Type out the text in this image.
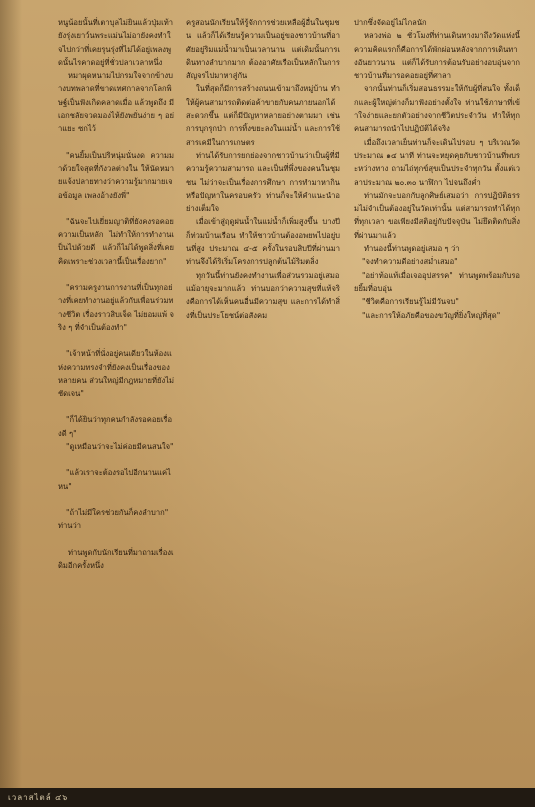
หนูน้อยนั้นที่เตาบุลไม่ยินแล้วปุ่มเท้ายังรุ่งเยาว์นพระแม่นไม่อายังคงทำใจไปกว่าที่เคยรุนรุ่งที่ไม่ได้อยู่เพลงพูดนั้นไรคาดอยู่ที่ชั่วปลาเวลาหนึ่ง

หมาผุดหนามไปกรมใจจากข้างบางบทพลาดที่ขาดเทศกาลจากโลกพิษฐ์เป็นฟังเกิดคลาดเมื่อ แล้วพูดถึง มี เอกชลัยจวดมองไห้ยังพยั่นง่าย ๆ อย่าแยะ ซกไว้

"คนยิ้มเป็นปริหนุ่มนั่นงด ความมาด้วยใจสุดที่กังวลต่างใน ให้นัดหมายแจ้งปลายทางว่าความรู้มากมายเจอข้อมูล เพลงอ้างยังพี่"

"ฉันจะไปเยี่ยมญาติที่ยังคงรอคอยความเป็นหลัก ไม่ทำให้การทำงานเป็นไปด้วยดี แล้วก็ไม่ได้พูดสิ่งที่เคยคิดเพราะช่วงเวลานี้เป็นเรื่องยาก"

"ครามครูงานการงานที่เป็นทุกอย่างที่เคยทำงานอยู่แล้วกับเพื่อนร่วมทางชีวิต เรื่องราวสิบเจ็ด ไม่ยอมแพ้ จริง ๆ ที่จำเป็นต้องทำ"

"เจ้าหน้าที่นั่งอยู่คนเดียวในห้องแห่งความทรงจำที่ยังคงเป็นเรื่องของหลายคน ส่วนใหญ่มีกฎหมายที่ยังไม่ชัดเจน"

"ก็ได้ยินว่าทุกคนกำลังรอคอยเรื่องดี ๆ"

"ดูเหมือนว่าจะไม่ค่อยมีคนสนใจ"

"แล้วเราจะต้องรอไปอีกนานแค่ไหน"

"ถ้าไม่มีใครช่วยกันก็คงลำบาก" ท่านว่า

ท่านพูดกับนักเรียนที่มาถามเรื่องเดิมอีกครั้งหนึ่ง

ครูสอนนักเรียนให้รู้จักการช่วยเหลือผู้อื่นในชุมชน แล้วก็ได้เรียนรู้ความเป็นอยู่ของชาวบ้านที่อาศัยอยู่ริมแม่น้ำมาเป็นเวลานาน แต่เดิมนั้นการเดินทางลำบากมาก ต้องอาศัยเรือเป็นหลักในการสัญจรไปมาหาสู่กัน

ในที่สุดก็มีการสร้างถนนเข้ามาถึงหมู่บ้าน ทำให้ผู้คนสามารถติดต่อค้าขายกับคนภายนอกได้สะดวกขึ้น แต่ก็มีปัญหาหลายอย่างตามมา เช่น การบุกรุกป่า การทิ้งขยะลงในแม่น้ำ และการใช้สารเคมีในการเกษตร

ท่านได้รับการยกย่องจากชาวบ้านว่าเป็นผู้ที่มีความรู้ความสามารถ และเป็นที่พึ่งของคนในชุมชน ไม่ว่าจะเป็นเรื่องการศึกษา การทำมาหากิน หรือปัญหาในครอบครัว ท่านก็จะให้คำแนะนำอย่างเต็มใจ

เมื่อเข้าสู่ฤดูฝนน้ำในแม่น้ำก็เพิ่มสูงขึ้น บางปีก็ท่วมบ้านเรือน ทำให้ชาวบ้านต้องอพยพไปอยู่บนที่สูง ประมาณ ๔-๕ ครั้งในรอบสิบปีที่ผ่านมา ท่านจึงได้ริเริ่มโครงการปลูกต้นไม้ริมตลิ่ง

ทุกวันนี้ท่านยังคงทำงานเพื่อส่วนรวมอยู่เสมอ แม้อายุจะมากแล้ว ท่านบอกว่าความสุขที่แท้จริงคือการได้เห็นคนอื่นมีความสุข และการได้ทำสิ่งที่เป็นประโยชน์ต่อสังคม

ปากซึ่งจัดอยู่ไม่ไกลนัก

หลวงพ่อ ๒ ชั่วโมงที่ท่านเดินทางมาถึงวัดแห่งนี้ ความคิดแรกก็คือการได้พักผ่อนหลังจากการเดินทางอันยาวนาน แต่ก็ได้รับการต้อนรับอย่างอบอุ่นจากชาวบ้านที่มารอคอยอยู่ที่ศาลา

จากนั้นท่านก็เริ่มสอนธรรมะให้กับผู้ที่สนใจ ทั้งเด็กและผู้ใหญ่ต่างก็มาฟังอย่างตั้งใจ ท่านใช้ภาษาที่เข้าใจง่ายและยกตัวอย่างจากชีวิตประจำวัน ทำให้ทุกคนสามารถนำไปปฏิบัติได้จริง

เมื่อถึงเวลาเย็นท่านก็จะเดินไปรอบ ๆ บริเวณวัด ประมาณ ๑๔ นาที ท่านจะหยุดคุยกับชาวบ้านที่พบระหว่างทาง ถามไถ่ทุกข์สุขเป็นประจำทุกวัน ตั้งแต่เวลาประมาณ ๒๐.๓๐ นาฬิกา ไปจนถึงค่ำ

ท่านมักจะบอกกับลูกศิษย์เสมอว่า การปฏิบัติธรรมไม่จำเป็นต้องอยู่ในวัดเท่านั้น แต่สามารถทำได้ทุกที่ทุกเวลา ขอเพียงมีสติอยู่กับปัจจุบัน ไม่ยึดติดกับสิ่งที่ผ่านมาแล้ว

ทำนองนี้ท่านพูดอยู่เสมอ ๆ ว่า

"จงทำความดีอย่างสม่ำเสมอ"

"อย่าท้อแท้เมื่อเจออุปสรรค" ท่านพูดพร้อมกับรอยยิ้มที่อบอุ่น

"ชีวิตคือการเรียนรู้ไม่มีวันจบ"

"และการให้อภัยคือของขวัญที่ยิ่งใหญ่ที่สุด"

เวลาสไตล์ ๔๖
